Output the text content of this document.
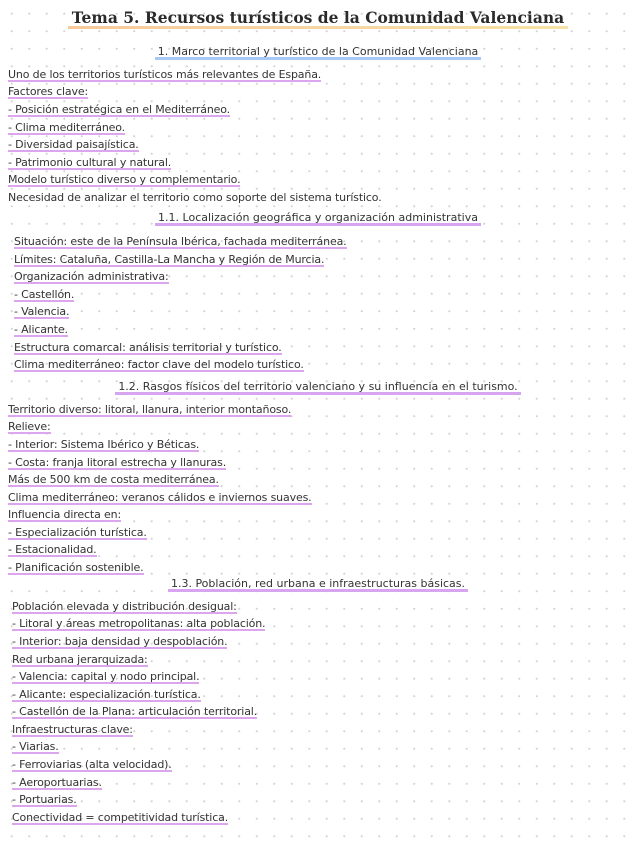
Tema 5. Recursos turísticos de la Comunidad Valenciana
1. Marco territorial y turístico de la Comunidad Valenciana
Uno de los territorios turísticos más relevantes de España.
Factores clave:
- Posición estratégica en el Mediterráneo.
- Clima mediterráneo.
- Diversidad paisajística.
- Patrimonio cultural y natural.
Modelo turístico diverso y complementario.
Necesidad de analizar el territorio como soporte del sistema turístico.
1.1. Localización geográfica y organización administrativa
Situación: este de la Península Ibérica, fachada mediterránea.
Límites: Cataluña, Castilla-La Mancha y Región de Murcia.
Organización administrativa:
- Castellón.
- Valencia.
- Alicante.
Estructura comarcal: análisis territorial y turístico.
Clima mediterráneo: factor clave del modelo turístico.
1.2. Rasgos físicos del territorio valenciano y su influencia en el turismo.
Territorio diverso: litoral, llanura, interior montañoso.
Relieve:
- Interior: Sistema Ibérico y Béticas.
- Costa: franja litoral estrecha y llanuras.
Más de 500 km de costa mediterránea.
Clima mediterráneo: veranos cálidos e inviernos suaves.
Influencia directa en:
- Especialización turística.
- Estacionalidad.
- Planificación sostenible.
1.3. Población, red urbana e infraestructuras básicas.
Población elevada y distribución desigual:
- Litoral y áreas metropolitanas: alta población.
- Interior: baja densidad y despoblación.
Red urbana jerarquizada:
- Valencia: capital y nodo principal.
- Alicante: especialización turística.
- Castellón de la Plana: articulación territorial.
Infraestructuras clave:
- Viarias.
- Ferroviarias (alta velocidad).
- Aeroportuarias.
- Portuarias.
Conectividad = competitividad turística.
